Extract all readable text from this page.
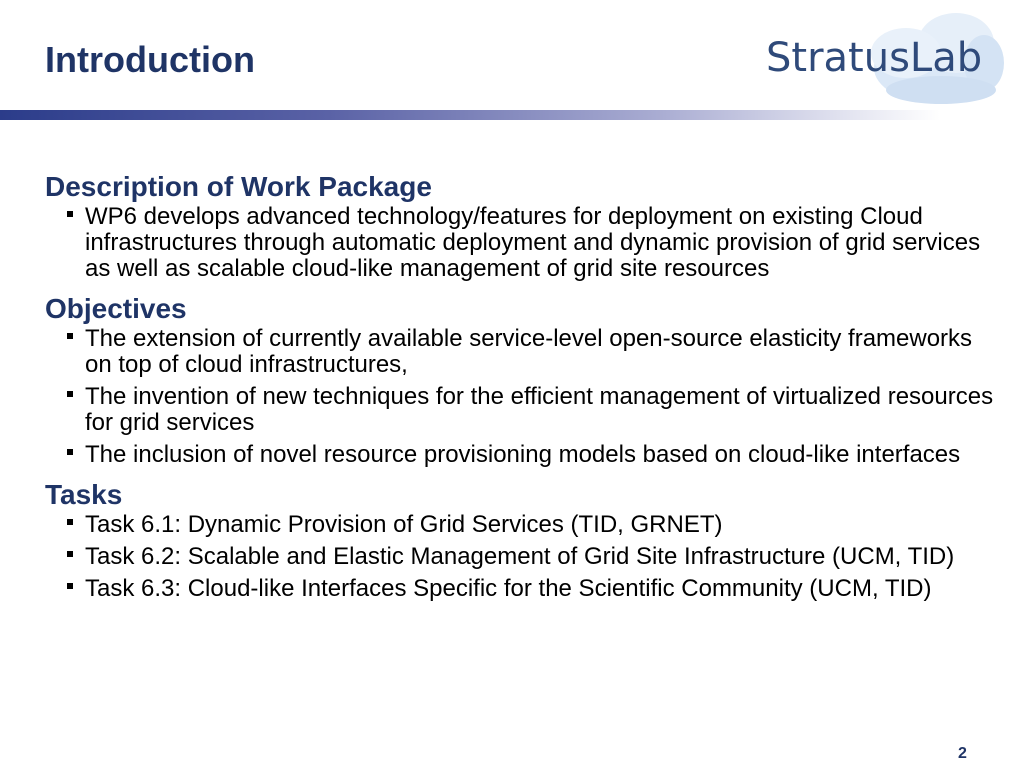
Introduction	StratusLab
Description of Work Package
WP6 develops advanced technology/features for deployment on existing Cloud infrastructures through automatic deployment and dynamic provision of grid services as well as scalable cloud-like management of grid site resources
Objectives
The extension of currently available service-level open-source elasticity frameworks on top of cloud infrastructures,
The invention of new techniques for the efficient management of virtualized resources for grid services
The inclusion of novel resource provisioning models based on cloud-like interfaces
Tasks
Task 6.1: Dynamic Provision of Grid Services (TID, GRNET)
Task 6.2: Scalable and Elastic Management of Grid Site Infrastructure (UCM, TID)
Task 6.3: Cloud-like Interfaces Specific for the Scientific Community (UCM, TID)
2
